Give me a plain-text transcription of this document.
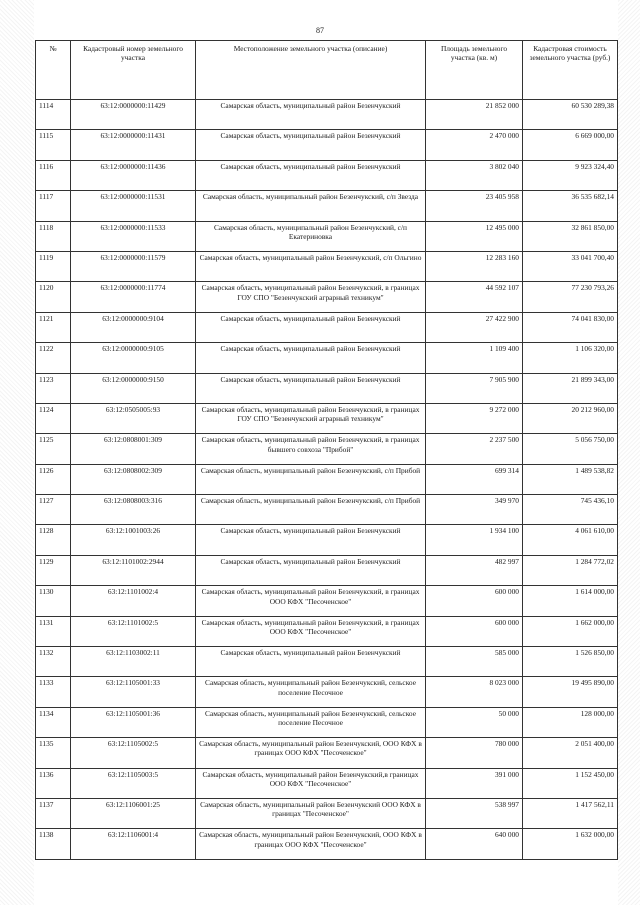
87
№	Кадастровый номер земельного участка	Местоположение земельного участка (описание)	Площадь земельного участка (кв. м)	Кадастровая стоимость земельного участка (руб.)
1114	63:12:0000000:11429	Самарская область, муниципальный район Безенчукский	21 852 000	60 530 289,38
1115	63:12:0000000:11431	Самарская область, муниципальный район Безенчукский	2 470 000	6 669 000,00
1116	63:12:0000000:11436	Самарская область, муниципальный район Безенчукский	3 802 040	9 923 324,40
1117	63:12:0000000:11531	Самарская область, муниципальный район Безенчукский, с/п Звезда	23 405 958	36 535 682,14
1118	63:12:0000000:11533	Самарская область, муниципальный район Безенчукский, с/п Екатериновка	12 495 000	32 861 850,00
1119	63:12:0000000:11579	Самарская область, муниципальный район Безенчукский, с/п Ольгино	12 283 160	33 041 700,40
1120	63:12:0000000:11774	Самарская область, муниципальный район Безенчукский, в границах ГОУ СПО "Безенчукский аграрный техникум"	44 592 107	77 230 793,26
1121	63:12:0000000:9104	Самарская область, муниципальный район Безенчукский	27 422 900	74 041 830,00
1122	63:12:0000000:9105	Самарская область, муниципальный район Безенчукский	1 109 400	1 106 320,00
1123	63:12:0000000:9150	Самарская область, муниципальный район Безенчукский	7 905 900	21 899 343,00
1124	63:12:0505005:93	Самарская область, муниципальный район Безенчукский, в границах ГОУ СПО "Безенчукский аграрный техникум"	9 272 000	20 212 960,00
1125	63:12:0808001:309	Самарская область, муниципальный район Безенчукский, в границах бывшего совхоза "Прибой"	2 237 500	5 056 750,00
1126	63:12:0808002:309	Самарская область, муниципальный район Безенчукский, с/п Прибой	699 314	1 489 538,82
1127	63:12:0808003:316	Самарская область, муниципальный район Безенчукский, с/п Прибой	349 970	745 436,10
1128	63:12:1001003:26	Самарская область, муниципальный район Безенчукский	1 934 100	4 061 610,00
1129	63:12:1101002:2944	Самарская область, муниципальный район Безенчукский	482 997	1 284 772,02
1130	63:12:1101002:4	Самарская область, муниципальный район Безенчукский, в границах ООО КФХ "Песоченское"	600 000	1 614 000,00
1131	63:12:1101002:5	Самарская область, муниципальный район Безенчукский, в границах ООО КФХ "Песоченское"	600 000	1 662 000,00
1132	63:12:1103002:11	Самарская область, муниципальный район Безенчукский	585 000	1 526 850,00
1133	63:12:1105001:33	Самарская область, муниципальный район Безенчукский, сельское поселение Песочное	8 023 000	19 495 890,00
1134	63:12:1105001:36	Самарская область, муниципальный район Безенчукский, сельское поселение Песочное	50 000	128 000,00
1135	63:12:1105002:5	Самарская область, муниципальный район Безенчукский, ООО КФХ в границах ООО КФХ "Песоченское"	780 000	2 051 400,00
1136	63:12:1105003:5	Самарская область, муниципальный район Безенчукский,в границах ООО КФХ "Песоченское"	391 000	1 152 450,00
1137	63:12:1106001:25	Самарская область, муниципальный район Безенчукский ООО КФХ в границах "Песоченское"	538 997	1 417 562,11
1138	63:12:1106001:4	Самарская область, муниципальный район Безенчукский, ООО КФХ в границах ООО КФХ "Песоченское"	640 000	1 632 000,00
